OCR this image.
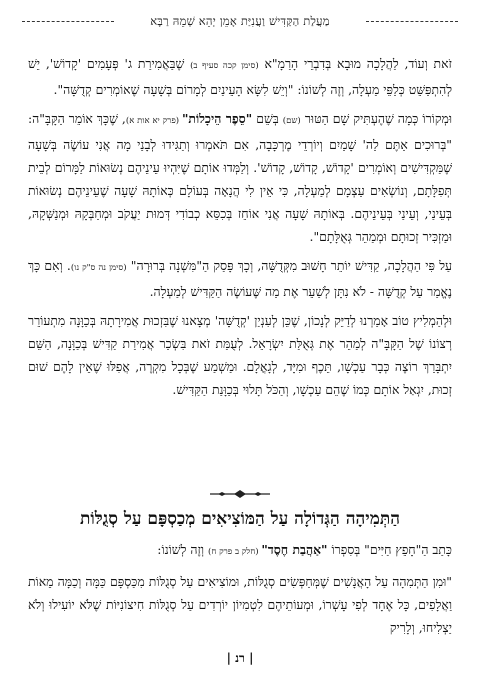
מַעֲלַת הַקַּדִּישׁ וַעֲנִיַּת אָמֵן יְהֵא שְׁמֵהּ רַבָּא

זֹאת וְעוֹד, לַהֲלָכָה מוּבָא בְּדִבְרֵי הָרַמָ"א (סימן קכה סעיף ב) שֶׁבַּאֲמִירַת ג' פְּעָמִים 'קָדוֹשׁ', יֵשׁ לְהִתְפַּשֵּׁט כְּלַפֵּי מַעְלָה, וְזֶה לְשׁוֹנוֹ: "וְיֵשׁ לִשָּׂא הָעֵינַיִם לְמָרוֹם בְּשָׁעָה שֶׁאוֹמְרִים קְדֻשָּׁה".

וּמְקוֹרוֹ כְּמָה שֶׁהֶעְתִּיק שָׁם הַטּוּר (שם) בְּשֵׁם "סֵפֶר הֵיכָלוֹת" (פרק יא אות א), שֶׁכָּךְ אוֹמֵר הַקָּבָּ"ה: "בְּרוּכִים אַתֶּם לַה' שָׁמַיִם וְיוֹרְדֵי מֶרְכָּבָה, אִם תֹּאמְרוּ וְתַגִּידוּ לְבָנַי מָה אֲנִי עוֹשֶׂה בְּשָׁעָה שֶׁמַּקְדִּישִׁים וְאוֹמְרִים 'קָדוֹשׁ, קָדוֹשׁ, קָדוֹשׁ'. וְלַמְּדוּ אוֹתָם שֶׁיִּהְיוּ עֵינֵיהֶם נְשׂוּאוֹת לַמָּרוֹם לְבֵית תְּפִלָּתָם, וְנוֹשְׂאִים עַצְמָם לְמַעְלָה, כִּי אֵין לִי הֲנָאָה בְּעוֹלָם כְּאוֹתָהּ שָׁעָה שֶׁעֵינֵיהֶם נְשׂוּאוֹת בְּעֵינַי, וְעֵינַי בְּעֵינֵיהֶם. בְּאוֹתָהּ שָׁעָה אֲנִי אוֹחֵז בְּכִסֵּא כְבוֹדִי דְּמוּת יַעֲקֹב וּמְחַבְּקָהּ וּמְנַשְּׁקָהּ, וּמַזְכִּיר זְכוּתָם וּמְמַהֵר גְּאֻלָּתָם".

עַל פִּי הַהֲלָכָה, קַדִּישׁ יוֹתֵר חָשׁוּב מִקְּדֻשָּׁה, וְכָךְ פָּסַק הַ"מִּשְׁנָה בְּרוּרָה" (סימן נה ס"ק נו). וְאִם כָּךְ נֶאֱמַר עַל קְדֻשָּׁה - לֹא נִתָּן לְשַׁעֵר אֶת מַה שֶּׁעוֹשֶׂה הַקַּדִּישׁ לְמַעְלָה.

וּלְהַמְלִיץ טוֹב אָמַרְנוּ לְדַיֵּק לְנָכוֹן, שֶׁכֵּן לְעִנְיַן 'קְדֻשָּׁה' מְצָאנוּ שֶׁבִּזְכוּת אֲמִירָתָהּ בְּכַוָּנָה מִתְעוֹרֵר רְצוֹנוֹ שֶׁל הַקָּבָּ"ה לְמַהֵר אֶת גְּאֻלַּת יִשְׂרָאֵל. לְעֻמַּת זֹאת בִּשְׂכַר אֲמִירַת קַדִּישׁ בְּכַוָּנָה, הַשֵּׁם יִתְבָּרַךְ רוֹצֶה כְּבָר עַכְשָׁו, תֵּכֶף וּמִיָּד, לְגָאֳלָם. וּמַשְׁמַע שֶׁבְּכָל מִקְרֶה, אֲפִלּוּ שֶׁאֵין לָהֶם שׁוּם זְכוּת, יִגְאַל אוֹתָם כְּמוֹ שֶׁהֵם עַכְשָׁו, וְהַכֹּל תָּלוּי בְּכַוָּנַת הַקַּדִּישׁ.

הַתְּמִיהָה הַגְּדוֹלָה עַל הַמּוֹצִיאִים מְכַסְפָּם עַל סְגֻלּוֹת

כָּתַב הַ"חָפֵץ חַיִּים" בְּסִפְרוֹ "אַהֲבַת חֶסֶד" (חלק ב פרק ח) וְזֶה לְשׁוֹנוֹ:

"וּמִן הַתְּמִהָה עַל הָאֲנָשִׁים שֶׁמְּחַפְּשִׂים סְגֻלּוֹת, וּמוֹצִיאִים עַל סְגֻלּוֹת מִכַּסְפָּם כַּמָּה וְכַמָּה מֵאוֹת וַאֲלָפִים, כָּל אֶחָד לְפִי עָשְׁרוֹ, וּמְעוֹתֵיהֶם לִטְמִיוֹן יוֹרְדִים עַל סְגֻלּוֹת חִיצוֹנִיּוֹת שֶׁלֹּא יוֹעִילוּ וְלֹא יַצְלִיחוּ, וְלָרִיק

| רנ |
